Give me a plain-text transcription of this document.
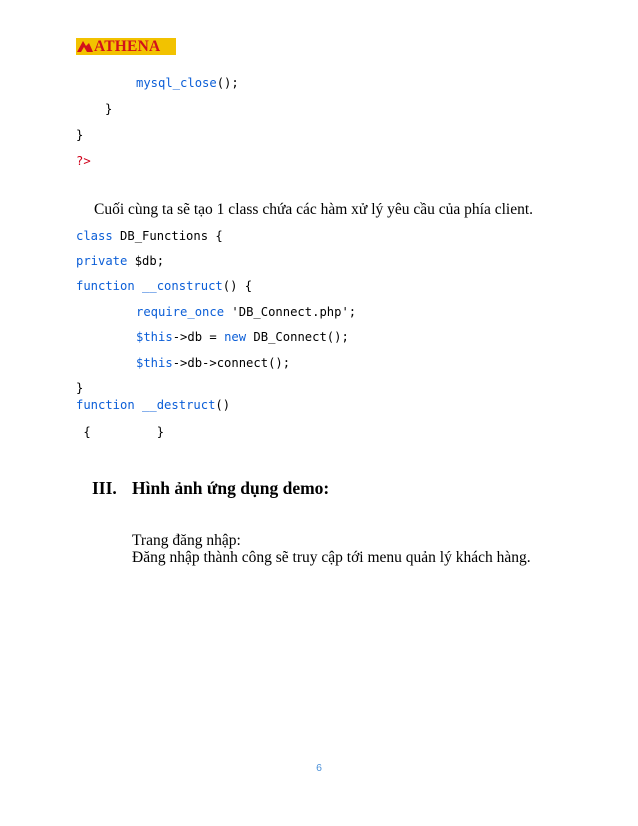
ATHENA
mysql_close();
}
}
?>
Cuối cùng ta sẽ tạo 1 class chứa các hàm xử lý yêu cầu của phía client.
class DB_Functions {
private $db;
function __construct() {
require_once 'DB_Connect.php';
$this->db = new DB_Connect();
$this->db->connect();
}
function __destruct()
{         }
III. Hình ảnh ứng dụng demo:
Trang đăng nhập:
Đăng nhập thành công sẽ truy cập tới menu quản lý khách hàng.
6
